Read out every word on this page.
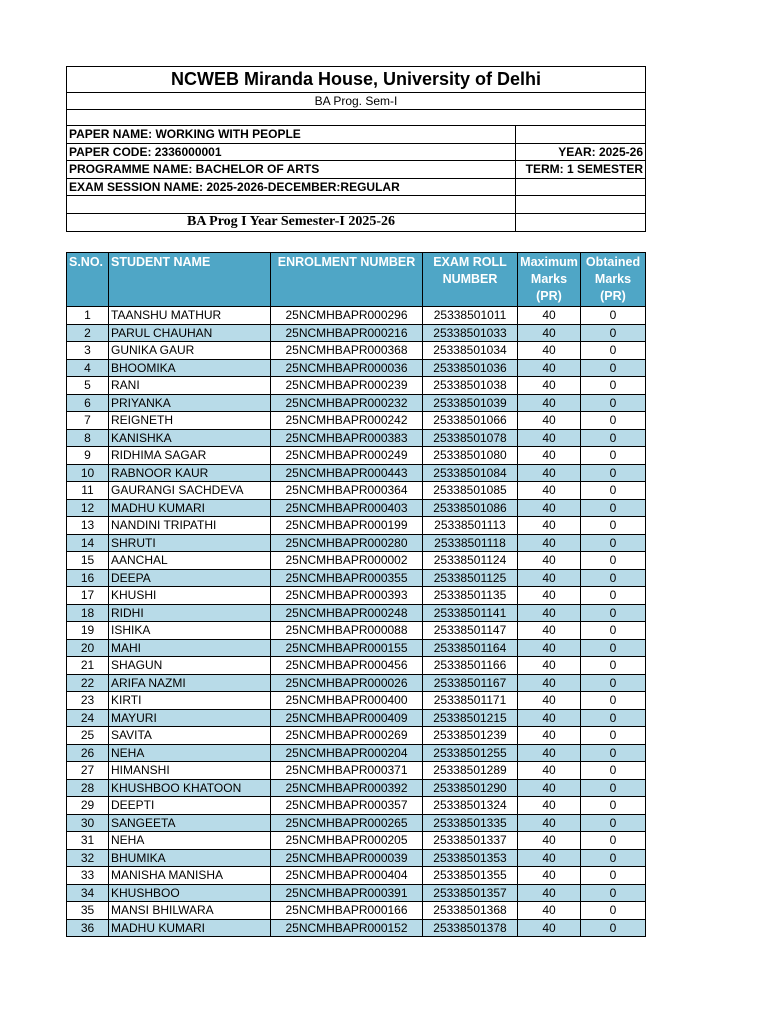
NCWEB Miranda House, University of Delhi	
BA Prog. Sem-I	

PAPER NAME: WORKING WITH PEOPLE	
PAPER CODE: 2336000001	YEAR: 2025-26
PROGRAMME NAME: BACHELOR OF ARTS	TERM: 1 SEMESTER
EXAM SESSION NAME: 2025-2026-DECEMBER:REGULAR	

BA Prog I Year Semester-I 2025-26	
S.NO.	STUDENT NAME	ENROLMENT NUMBER	EXAM ROLL NUMBER	Maximum Marks (PR)	Obtained Marks (PR)
1	TAANSHU MATHUR	25NCMHBAPR000296	25338501011	40	0
2	PARUL CHAUHAN	25NCMHBAPR000216	25338501033	40	0
3	GUNIKA GAUR	25NCMHBAPR000368	25338501034	40	0
4	BHOOMIKA	25NCMHBAPR000036	25338501036	40	0
5	RANI	25NCMHBAPR000239	25338501038	40	0
6	PRIYANKA	25NCMHBAPR000232	25338501039	40	0
7	REIGNETH	25NCMHBAPR000242	25338501066	40	0
8	KANISHKA	25NCMHBAPR000383	25338501078	40	0
9	RIDHIMA SAGAR	25NCMHBAPR000249	25338501080	40	0
10	RABNOOR KAUR	25NCMHBAPR000443	25338501084	40	0
11	GAURANGI SACHDEVA	25NCMHBAPR000364	25338501085	40	0
12	MADHU KUMARI	25NCMHBAPR000403	25338501086	40	0
13	NANDINI TRIPATHI	25NCMHBAPR000199	25338501113	40	0
14	SHRUTI	25NCMHBAPR000280	25338501118	40	0
15	AANCHAL	25NCMHBAPR000002	25338501124	40	0
16	DEEPA	25NCMHBAPR000355	25338501125	40	0
17	KHUSHI	25NCMHBAPR000393	25338501135	40	0
18	RIDHI	25NCMHBAPR000248	25338501141	40	0
19	ISHIKA	25NCMHBAPR000088	25338501147	40	0
20	MAHI	25NCMHBAPR000155	25338501164	40	0
21	SHAGUN	25NCMHBAPR000456	25338501166	40	0
22	ARIFA NAZMI	25NCMHBAPR000026	25338501167	40	0
23	KIRTI	25NCMHBAPR000400	25338501171	40	0
24	MAYURI	25NCMHBAPR000409	25338501215	40	0
25	SAVITA	25NCMHBAPR000269	25338501239	40	0
26	NEHA	25NCMHBAPR000204	25338501255	40	0
27	HIMANSHI	25NCMHBAPR000371	25338501289	40	0
28	KHUSHBOO KHATOON	25NCMHBAPR000392	25338501290	40	0
29	DEEPTI	25NCMHBAPR000357	25338501324	40	0
30	SANGEETA	25NCMHBAPR000265	25338501335	40	0
31	NEHA	25NCMHBAPR000205	25338501337	40	0
32	BHUMIKA	25NCMHBAPR000039	25338501353	40	0
33	MANISHA MANISHA	25NCMHBAPR000404	25338501355	40	0
34	KHUSHBOO	25NCMHBAPR000391	25338501357	40	0
35	MANSI BHILWARA	25NCMHBAPR000166	25338501368	40	0
36	MADHU KUMARI	25NCMHBAPR000152	25338501378	40	0
